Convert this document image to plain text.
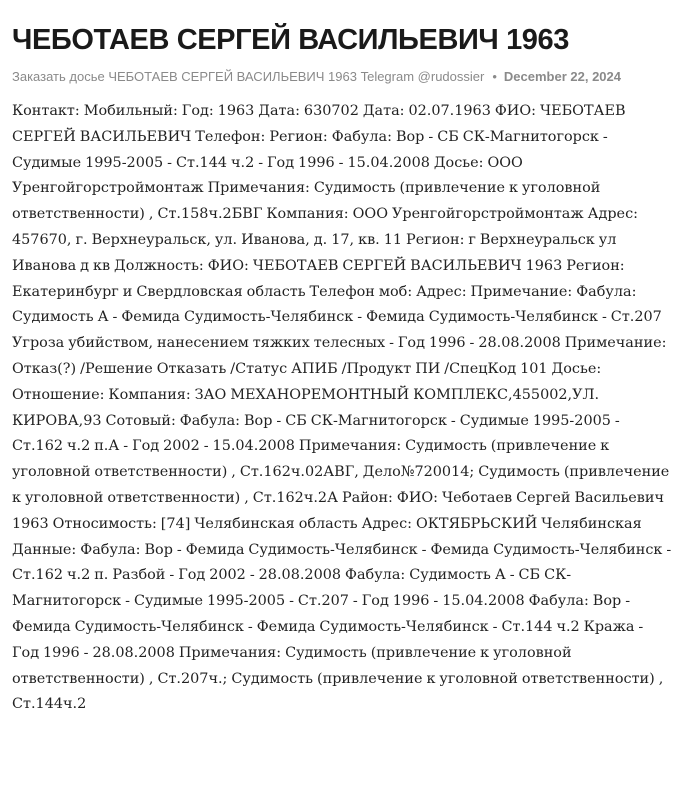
ЧЕБОТАЕВ СЕРГЕЙ ВАСИЛЬЕВИЧ 1963
Заказать досье ЧЕБОТАЕВ СЕРГЕЙ ВАСИЛЬЕВИЧ 1963 Telegram @rudossier • December 22, 2024

Контакт: Мобильный: Год: 1963 Дата: 630702 Дата: 02.07.1963 ФИО: ЧЕБОТАЕВ СЕРГЕЙ ВАСИЛЬЕВИЧ Телефон: Регион: Фабула: Вор - СБ СК-Магнитогорск - Судимые 1995-2005 - Ст.144 ч.2 - Год 1996 - 15.04.2008 Досье: ООО Уренгойгорстроймонтаж Примечания: Судимость (привлечение к уголовной ответственности) , Ст.158ч.2БВГ Компания: ООО Уренгойгорстроймонтаж Адрес: 457670, г. Верхнеуральск, ул. Иванова, д. 17, кв. 11 Регион: г Верхнеуральск ул Иванова д кв Должность: ФИО: ЧЕБОТАЕВ СЕРГЕЙ ВАСИЛЬЕВИЧ 1963 Регион: Екатеринбург и Свердловская область Телефон моб: Адрес: Примечание: Фабула: Судимость А - Фемида Судимость-Челябинск - Фемида Судимость-Челябинск - Ст.207 Угроза убийством, нанесением тяжких телесных - Год 1996 - 28.08.2008 Примечание: Отказ(?) /Решение Отказать /Статус АПИБ /Продукт ПИ /СпецКод 101 Досье: Отношение: Компания: ЗАО МЕХАНОРЕМОНТНЫЙ КОМПЛЕКС,455002,УЛ. КИРОВА,93 Сотовый: Фабула: Вор - СБ СК-Магнитогорск - Судимые 1995-2005 - Ст.162 ч.2 п.А - Год 2002 - 15.04.2008 Примечания: Судимость (привлечение к уголовной ответственности) , Ст.162ч.02АВГ, Дело№720014; Судимость (привлечение к уголовной ответственности) , Ст.162ч.2А Район: ФИО: Чеботаев Сергей Васильевич 1963 Относимость: [74] Челябинская область Адрес: ОКТЯБРЬСКИЙ Челябинская Данные: Фабула: Вор - Фемида Судимость-Челябинск - Фемида Судимость-Челябинск - Ст.162 ч.2 п. Разбой - Год 2002 - 28.08.2008 Фабула: Судимость А - СБ СК-Магнитогорск - Судимые 1995-2005 - Ст.207 - Год 1996 - 15.04.2008 Фабула: Вор - Фемида Судимость-Челябинск - Фемида Судимость-Челябинск - Ст.144 ч.2 Кража - Год 1996 - 28.08.2008 Примечания: Судимость (привлечение к уголовной ответственности) , Ст.207ч.; Судимость (привлечение к уголовной ответственности) , Ст.144ч.2
